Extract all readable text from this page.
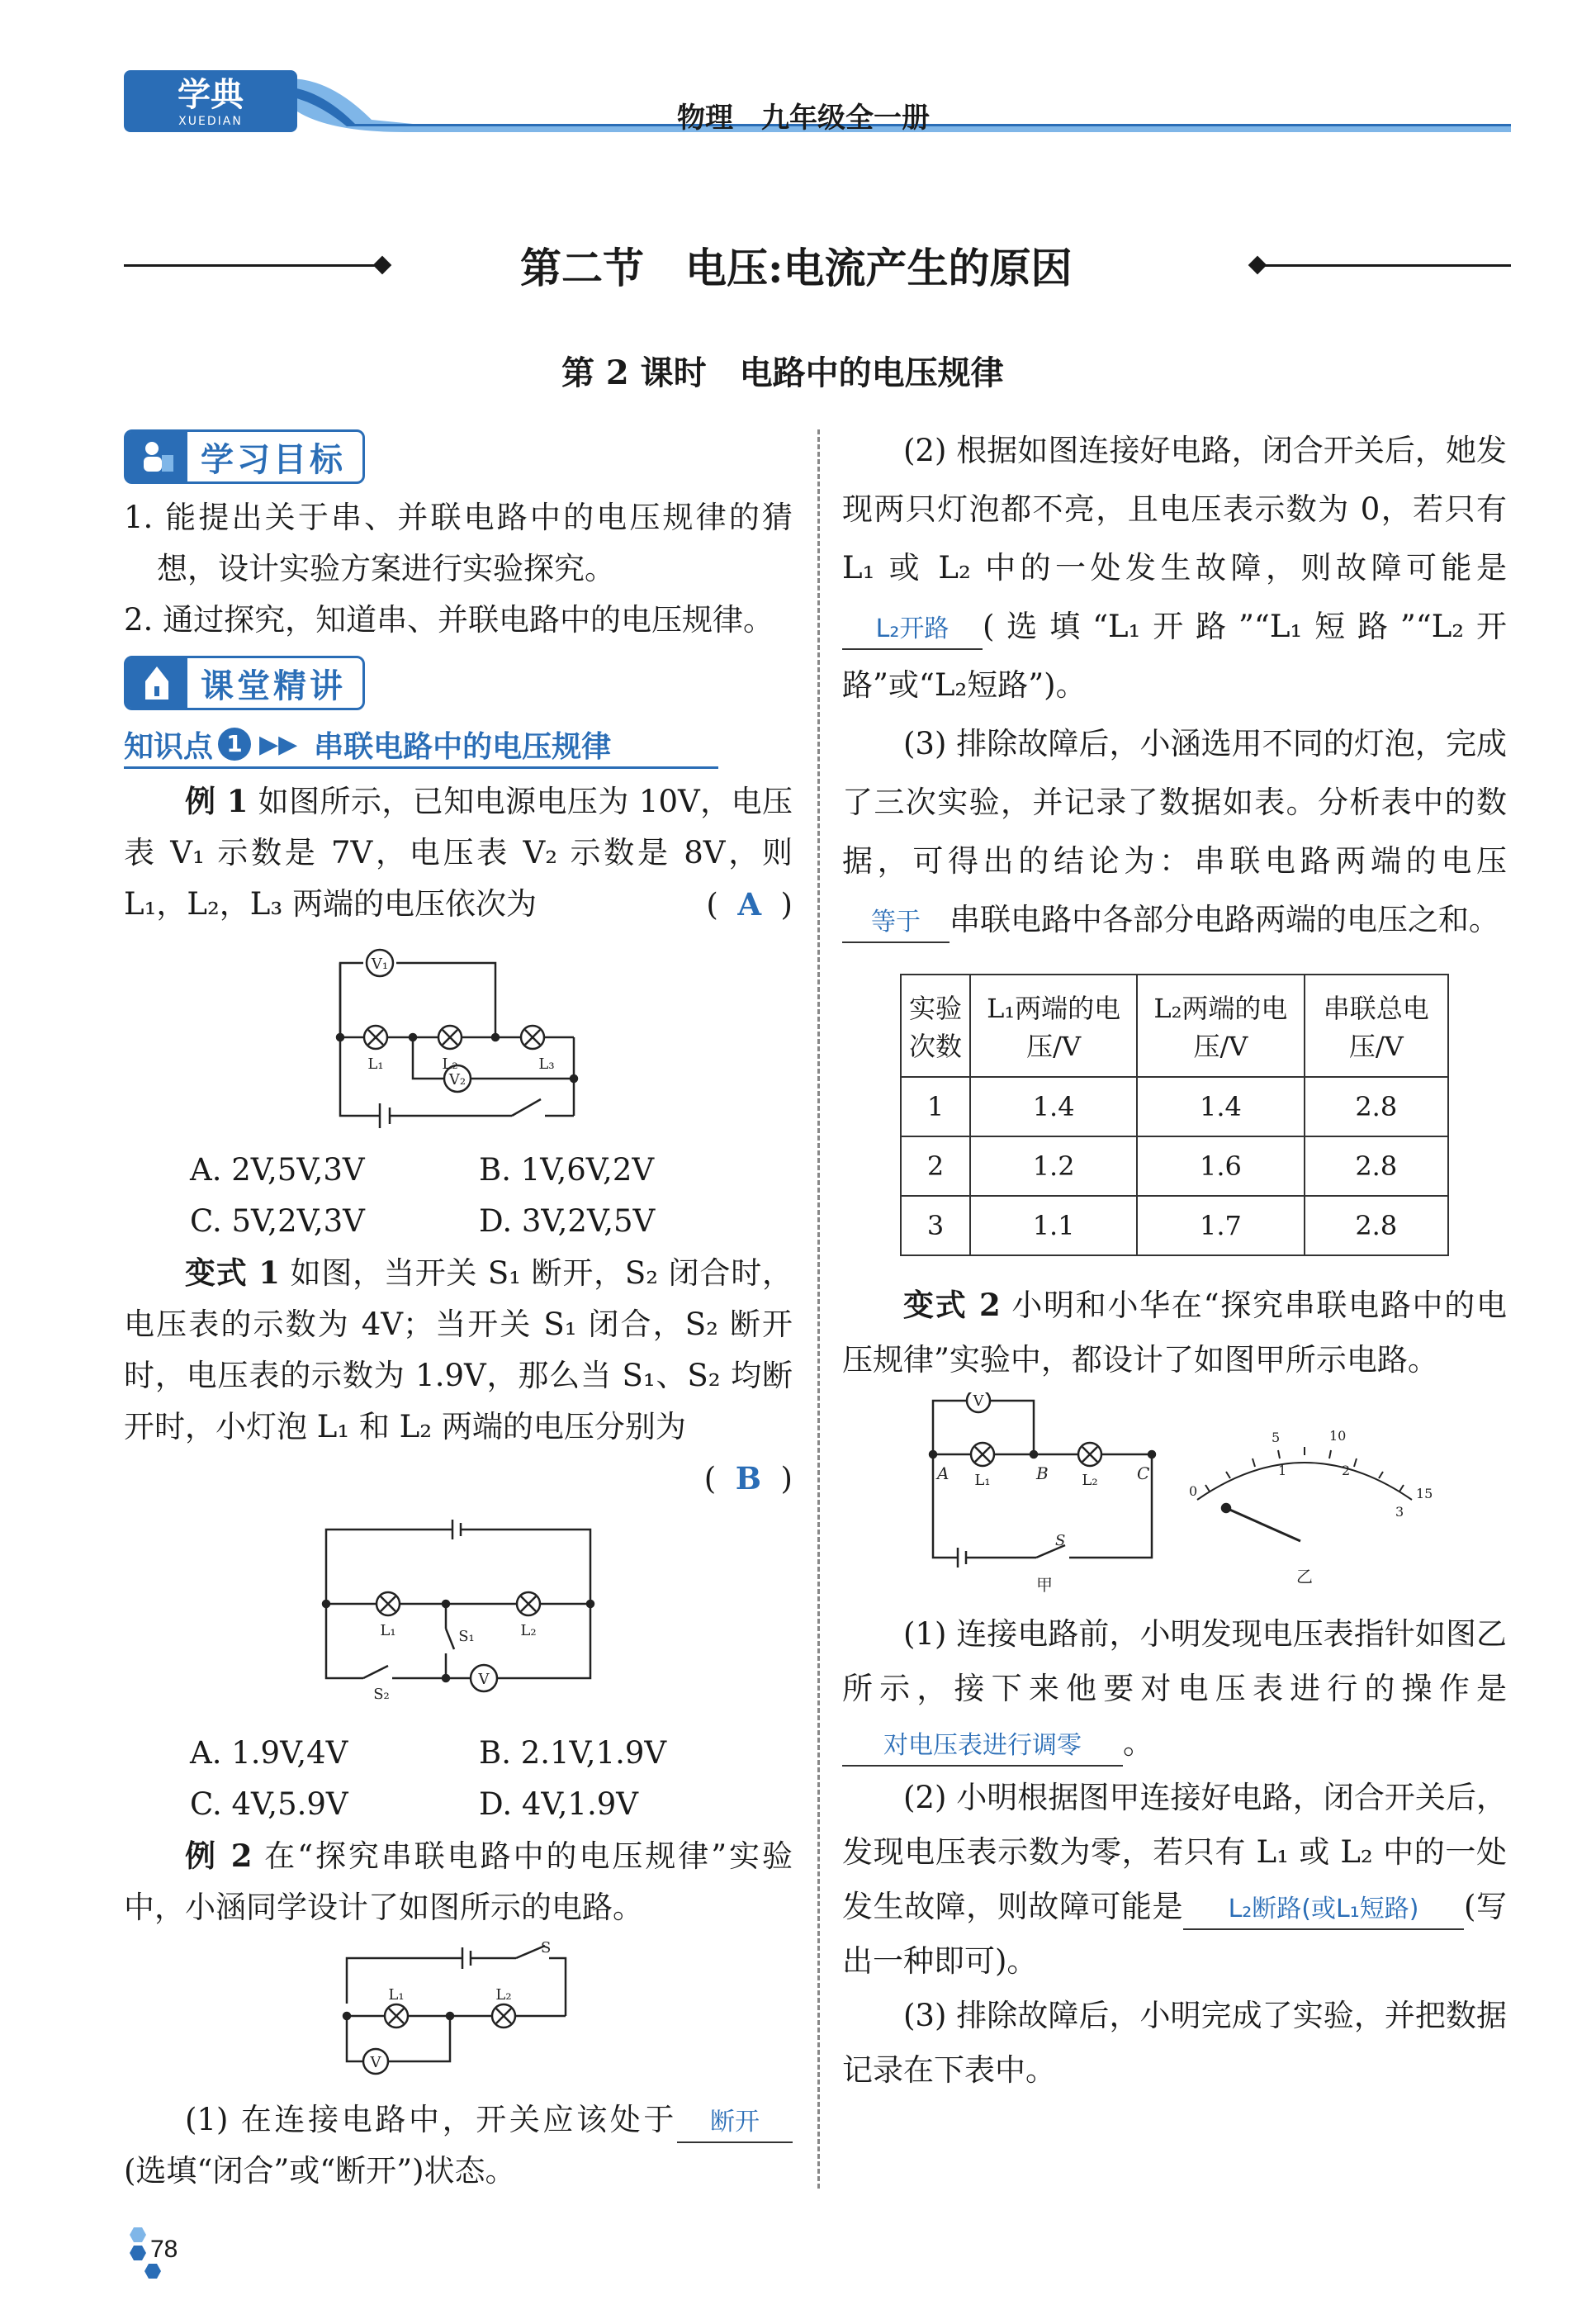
学典
XUEDIAN	物理　九年级全一册
第二节　电压:电流产生的原因
第 2 课时　电路中的电压规律
学习目标

1. 能提出关于串、并联电路中的电压规律的猜想，设计实验方案进行实验探究。

2. 通过探究，知道串、并联电路中的电压规律。

课堂精讲
知识点 1 ▶▶ 串联电路中的电压规律

例 1 如图所示，已知电源电压为 10V，电压表 V₁ 示数是 7V，电压表 V₂ 示数是 8V，则 L₁，L₂，L₃ 两端的电压依次为	(  A  )

V₁
V₂
L₁	L₂	L₃
A. 2V,5V,3V	B. 1V,6V,2V
C. 5V,2V,3V	D. 3V,2V,5V

变式 1 如图，当开关 S₁ 断开，S₂ 闭合时，电压表的示数为 4V；当开关 S₁ 闭合，S₂ 断开时，电压表的示数为 1.9V，那么当 S₁、S₂ 均断开时，小灯泡 L₁ 和 L₂ 两端的电压分别为

(  B  )

L₁	L₂
S₁
S₂
V
A. 1.9V,4V	B. 2.1V,1.9V
C. 4V,5.9V	D. 4V,1.9V

例 2 在“探究串联电路中的电压规律”实验中，小涵同学设计了如图所示的电路。

S
L₁	L₂
V

(1) 在连接电路中，开关应该处于 断开(选填“闭合”或“断开”)状态。

(2) 根据如图连接好电路，闭合开关后，她发现两只灯泡都不亮，且电压表示数为 0，若只有 L₁ 或 L₂ 中的一处发生故障，则故障可能是L₂开路 (选填“L₁开路”“L₁短路”“L₂开路”或“L₂短路”)。

(3) 排除故障后，小涵选用不同的灯泡，完成了三次实验，并记录了数据如表。分析表中的数据，可得出的结论为：串联电路两端的电压等于 串联电路中各部分电路两端的电压之和。

实验次数	L₁两端的电压/V	L₂两端的电压/V	串联总电压/V
1	1.4	1.4	2.8
2	1.2	1.6	2.8
3	1.1	1.7	2.8

变式 2 小明和小华在“探究串联电路中的电压规律”实验中，都设计了如图甲所示电路。

V
A	B	C
L₁	L₂
S
甲
5	10
0
1	2
3
15
乙

(1) 连接电路前，小明发现电压表指针如图乙所示，接下来他要对电压表进行的操作是对电压表进行调零 。

(2) 小明根据图甲连接好电路，闭合开关后，发现电压表示数为零，若只有 L₁ 或 L₂ 中的一处发生故障，则故障可能是 L₂断路(或L₁短路) (写出一种即可)。

(3) 排除故障后，小明完成了实验，并把数据记录在下表中。

78
